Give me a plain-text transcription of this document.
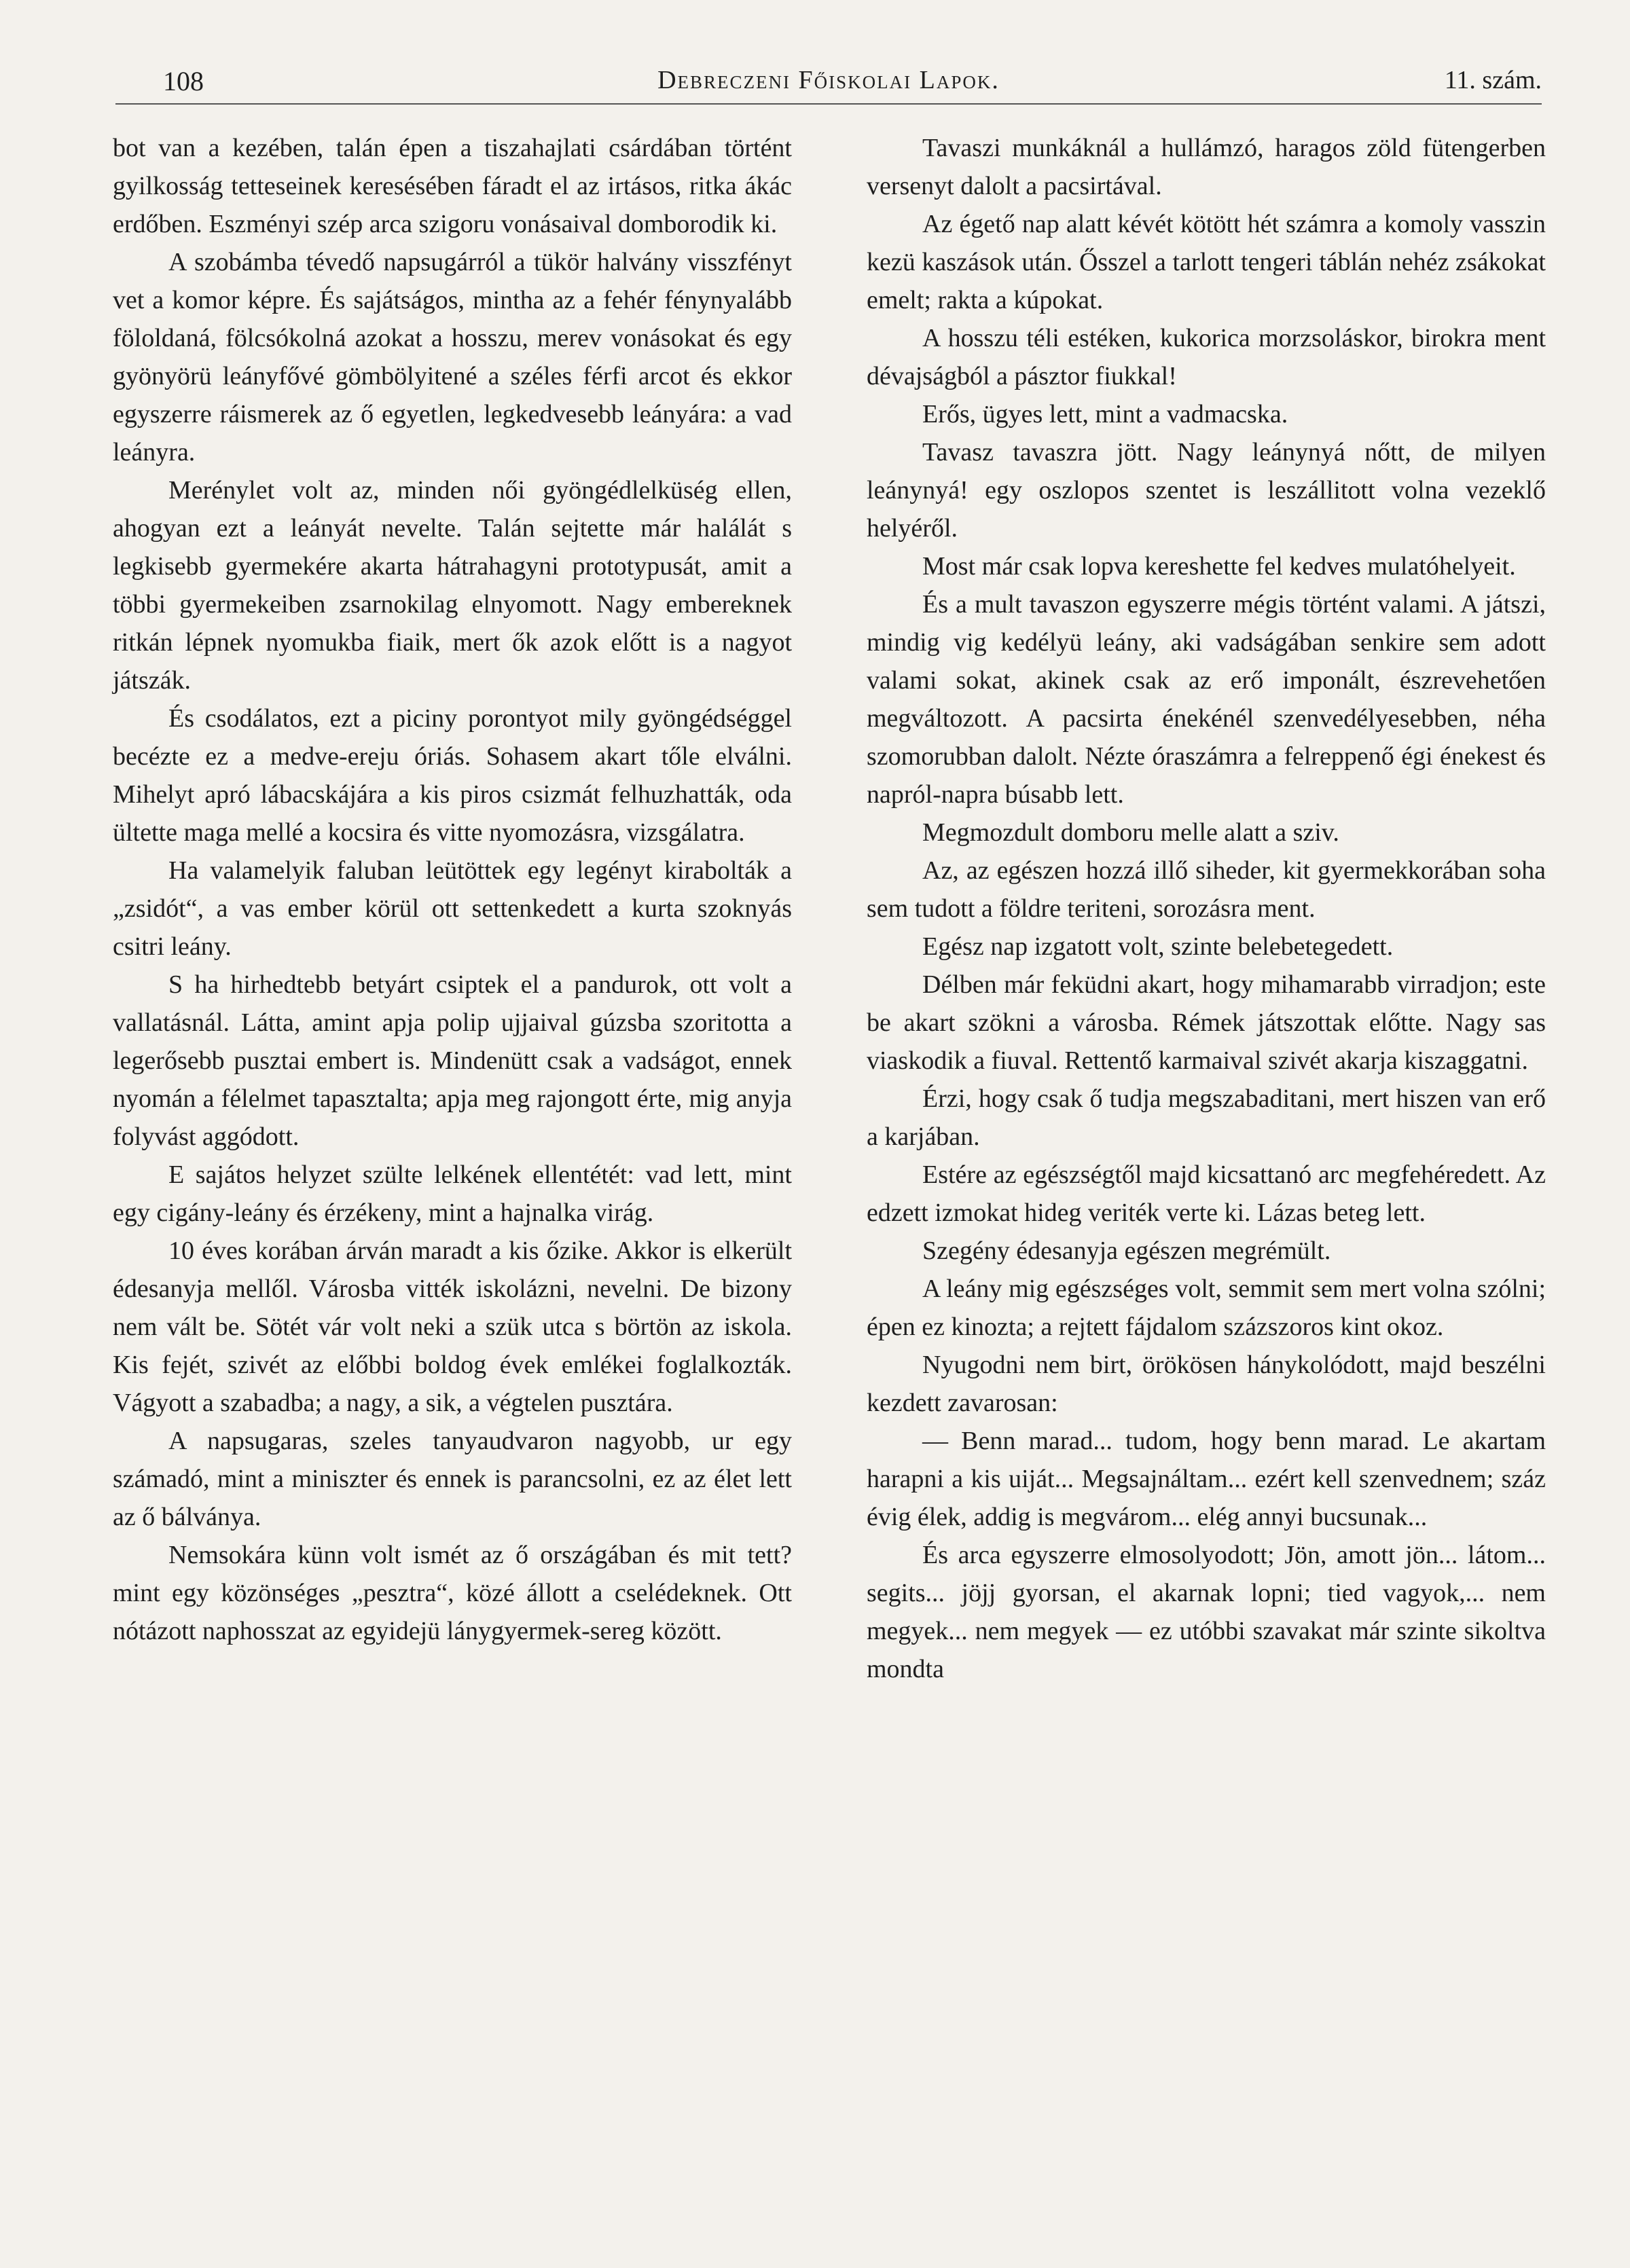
108	Debreczeni Főiskolai Lapok.	11. szám.

bot van a kezében, talán épen a tiszahajlati csárdában történt gyilkosság tetteseinek keresésében fáradt el az irtásos, ritka ákác erdőben. Eszményi szép arca szigoru vonásaival domborodik ki.

A szobámba tévedő napsugárról a tükör halvány visszfényt vet a komor képre. És sajátságos, mintha az a fehér fénynyalább föloldaná, fölcsókolná azokat a hosszu, merev vonásokat és egy gyönyörü leányfővé gömbölyitené a széles férfi arcot és ekkor egyszerre ráismerek az ő egyetlen, legkedvesebb leányára: a vad leányra.

Merénylet volt az, minden női gyöngédlelküség ellen, ahogyan ezt a leányát nevelte. Talán sejtette már halálát s legkisebb gyermekére akarta hátrahagyni prototypusát, amit a többi gyermekeiben zsarnokilag elnyomott. Nagy embereknek ritkán lépnek nyomukba fiaik, mert ők azok előtt is a nagyot játszák.

És csodálatos, ezt a piciny porontyot mily gyöngédséggel becézte ez a medve-ereju óriás. Sohasem akart tőle elválni. Mihelyt apró lábacskájára a kis piros csizmát felhuzhatták, oda ültette maga mellé a kocsira és vitte nyomozásra, vizsgálatra.

Ha valamelyik faluban leütöttek egy legényt kirabolták a „zsidót“, a vas ember körül ott settenkedett a kurta szoknyás csitri leány.

S ha hirhedtebb betyárt csiptek el a pandurok, ott volt a vallatásnál. Látta, amint apja polip ujjaival gúzsba szoritotta a legerősebb pusztai embert is. Mindenütt csak a vadságot, ennek nyomán a félelmet tapasztalta; apja meg rajongott érte, mig anyja folyvást aggódott.

E sajátos helyzet szülte lelkének ellentétét: vad lett, mint egy cigány-leány és érzékeny, mint a hajnalka virág.

10 éves korában árván maradt a kis őzike. Akkor is elkerült édesanyja mellől. Városba vitték iskolázni, nevelni. De bizony nem vált be. Sötét vár volt neki a szük utca s börtön az iskola. Kis fejét, szivét az előbbi boldog évek emlékei foglalkozták. Vágyott a szabadba; a nagy, a sik, a végtelen pusztára.

A napsugaras, szeles tanyaudvaron nagyobb, ur egy számadó, mint a miniszter és ennek is parancsolni, ez az élet lett az ő bálványa.

Nemsokára künn volt ismét az ő országában és mit tett? mint egy közönséges „pesztra“, közé állott a cselédeknek. Ott nótázott naphosszat az egyidejü lánygyermek-sereg között.

Tavaszi munkáknál a hullámzó, haragos zöld fütengerben versenyt dalolt a pacsirtával.

Az égető nap alatt kévét kötött hét számra a komoly vasszin kezü kaszások után. Ősszel a tarlott tengeri táblán nehéz zsákokat emelt; rakta a kúpokat.

A hosszu téli estéken, kukorica morzsoláskor, birokra ment dévajságból a pásztor fiukkal!

Erős, ügyes lett, mint a vadmacska.

Tavasz tavaszra jött. Nagy leánynyá nőtt, de milyen leánynyá! egy oszlopos szentet is leszállitott volna vezeklő helyéről.

Most már csak lopva kereshette fel kedves mulatóhelyeit.

És a mult tavaszon egyszerre mégis történt valami. A játszi, mindig vig kedélyü leány, aki vadságában senkire sem adott valami sokat, akinek csak az erő imponált, észrevehetően megváltozott. A pacsirta énekénél szenvedélyesebben, néha szomorubban dalolt. Nézte óraszámra a felreppenő égi énekest és napról-napra búsabb lett.

Megmozdult domboru melle alatt a sziv.

Az, az egészen hozzá illő siheder, kit gyermekkorában soha sem tudott a földre teriteni, sorozásra ment.

Egész nap izgatott volt, szinte belebetegedett.

Délben már feküdni akart, hogy mihamarabb virradjon; este be akart szökni a városba. Rémek játszottak előtte. Nagy sas viaskodik a fiuval. Rettentő karmaival szivét akarja kiszaggatni.

Érzi, hogy csak ő tudja megszabaditani, mert hiszen van erő a karjában.

Estére az egészségtől majd kicsattanó arc megfehéredett. Az edzett izmokat hideg veriték verte ki. Lázas beteg lett.

Szegény édesanyja egészen megrémült.

A leány mig egészséges volt, semmit sem mert volna szólni; épen ez kinozta; a rejtett fájdalom százszoros kint okoz.

Nyugodni nem birt, örökösen hánykolódott, majd beszélni kezdett zavarosan:

— Benn marad... tudom, hogy benn marad. Le akartam harapni a kis uiját... Megsajnáltam... ezért kell szenvednem; száz évig élek, addig is megvárom... elég annyi bucsunak...

És arca egyszerre elmosolyodott; Jön, amott jön... látom... segits... jöjj gyorsan, el akarnak lopni; tied vagyok,... nem megyek... nem megyek — ez utóbbi szavakat már szinte sikoltva mondta
